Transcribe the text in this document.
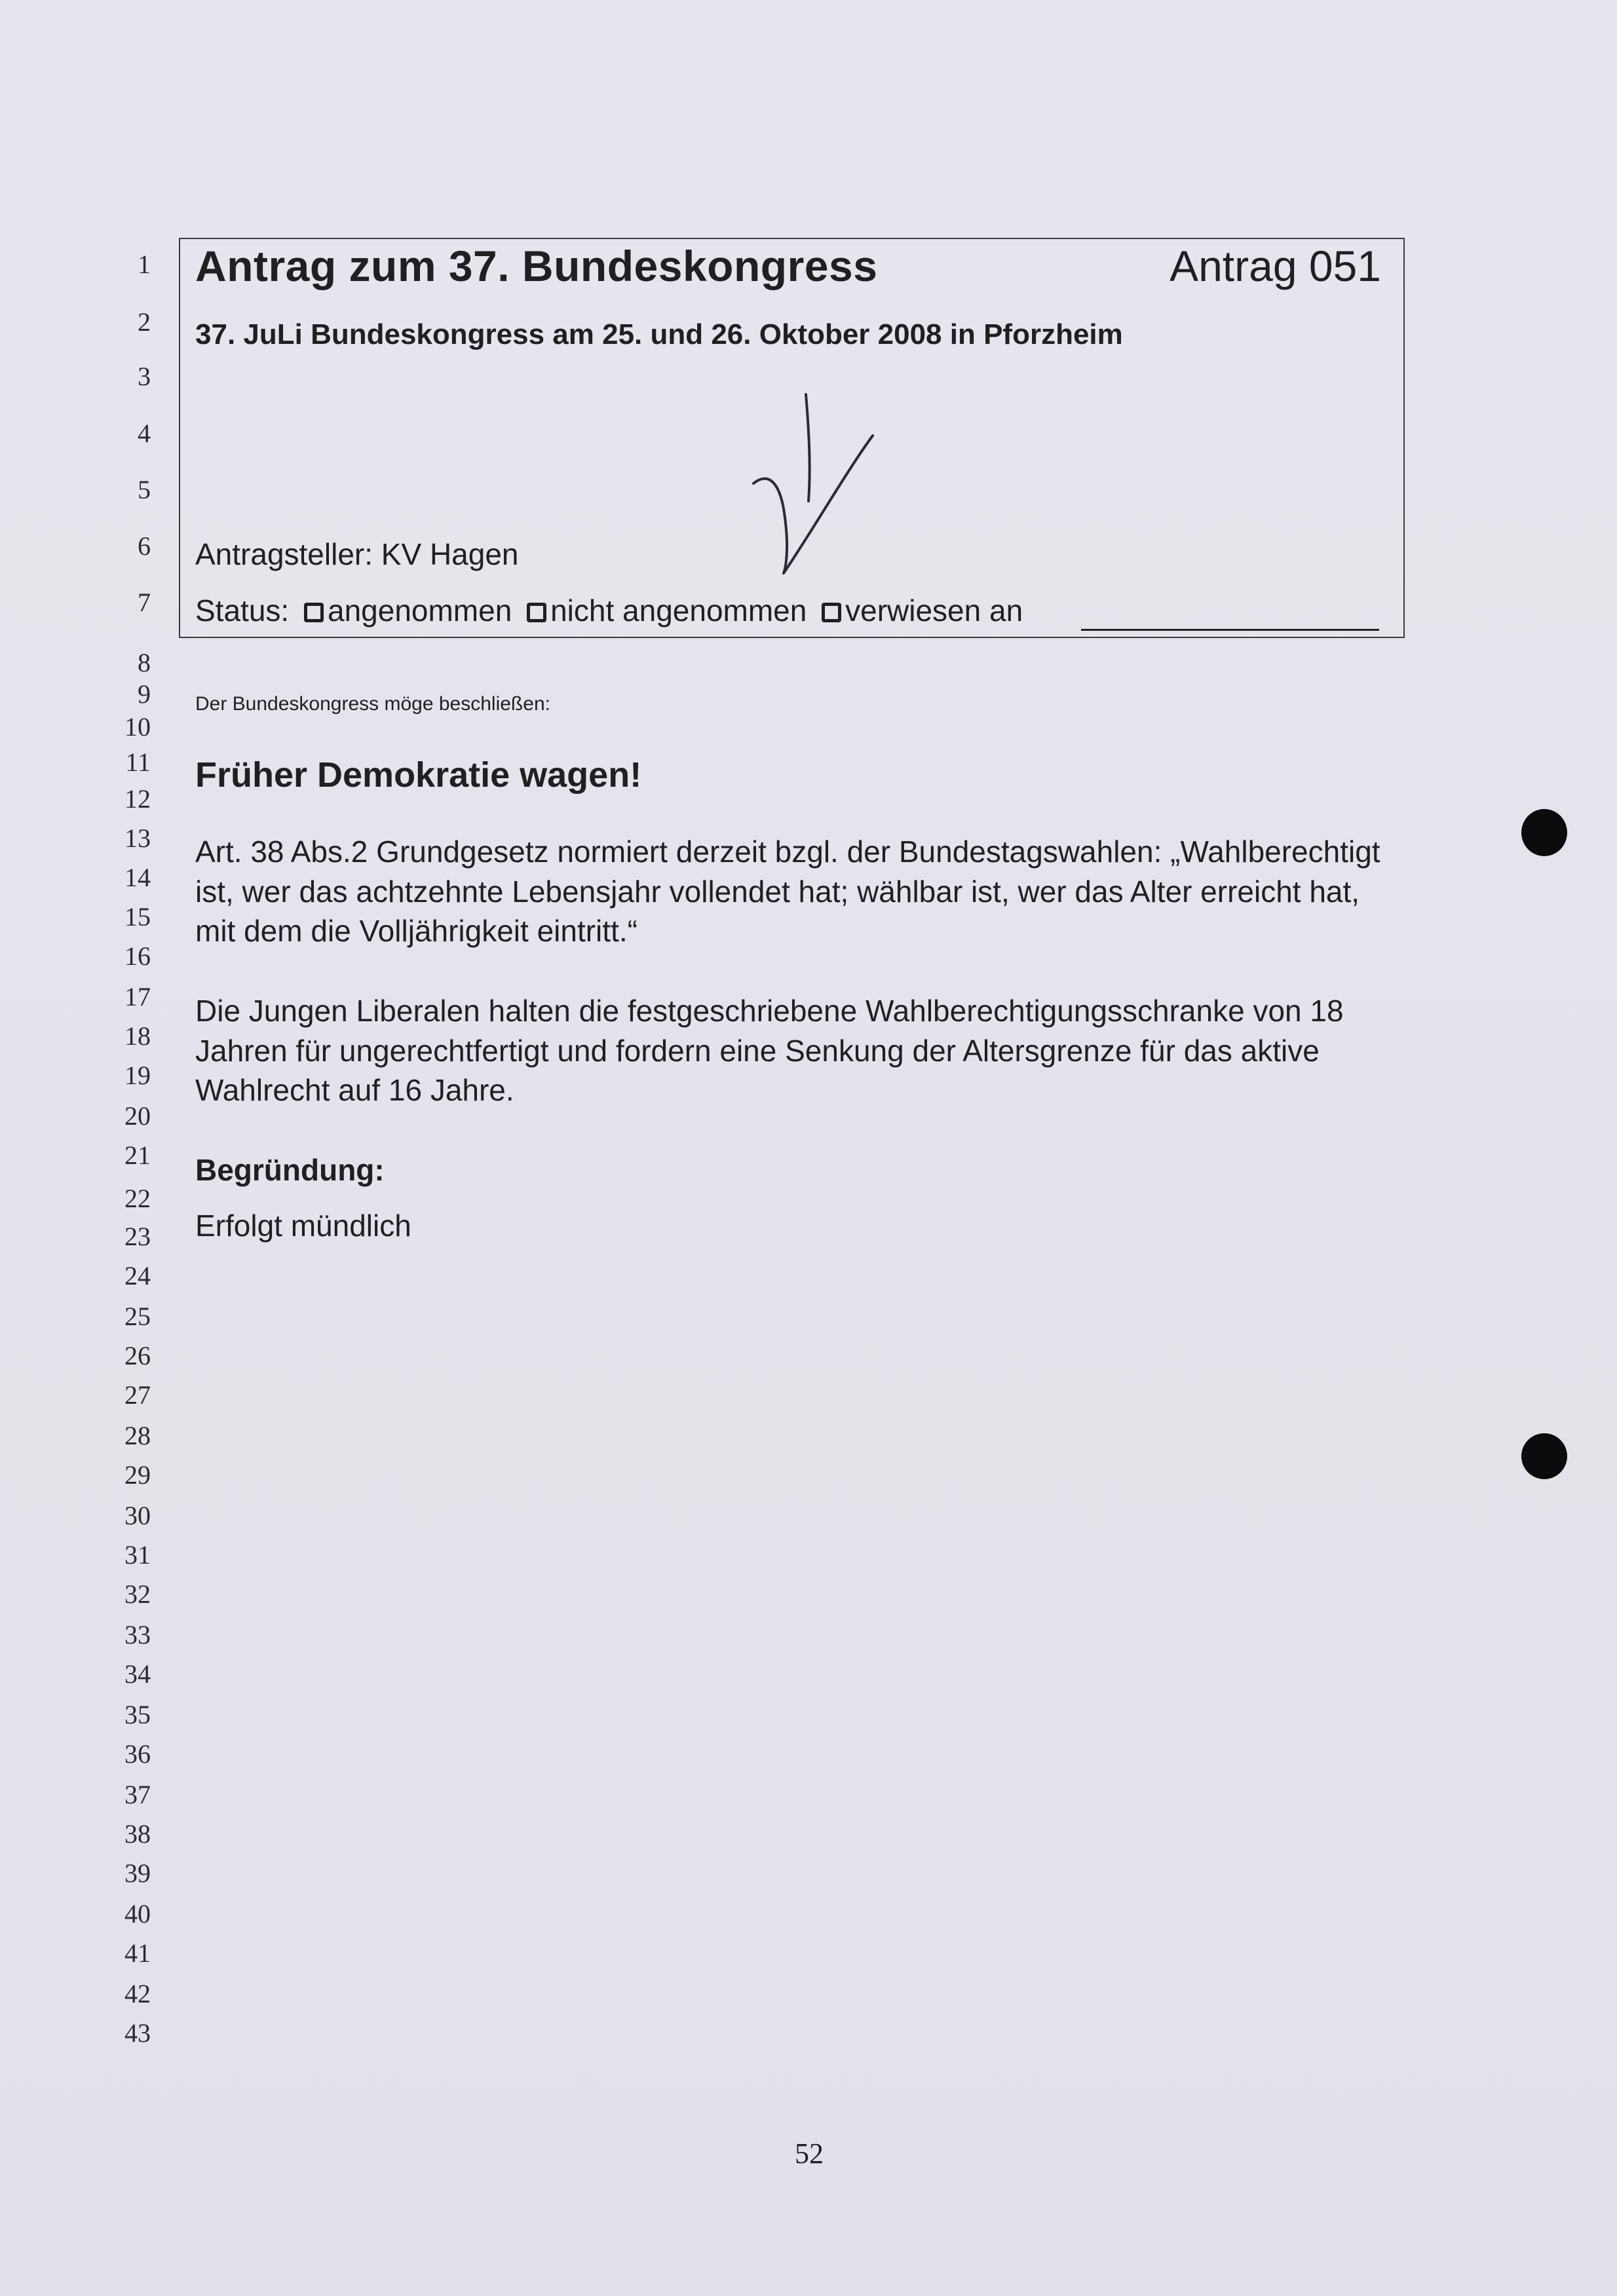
1
2
3
4
5
6
7
8
9
10
11
12
13
14
15
16
17
18
19
20
21
22
23
24
25
26
27
28
29
30
31
32
33
34
35
36
37
38
39
40
41
42
43
Antrag zum 37. Bundeskongress	Antrag 051
37. JuLi Bundeskongress am 25. und 26. Oktober 2008 in Pforzheim
Antragsteller: KV Hagen
Status: angenommen nicht angenommen verwiesen an
Der Bundeskongress möge beschließen:
Früher Demokratie wagen!

Art. 38 Abs.2 Grundgesetz normiert derzeit bzgl. der Bundestagswahlen: „Wahlberechtigt ist, wer das achtzehnte Lebensjahr vollendet hat; wählbar ist, wer das Alter erreicht hat, mit dem die Volljährigkeit eintritt.“

Die Jungen Liberalen halten die festgeschriebene Wahlberechtigungsschranke von 18 Jahren für ungerechtfertigt und fordern eine Senkung der Altersgrenze für das aktive Wahlrecht auf 16 Jahre.

Begründung:
Erfolgt mündlich
52
